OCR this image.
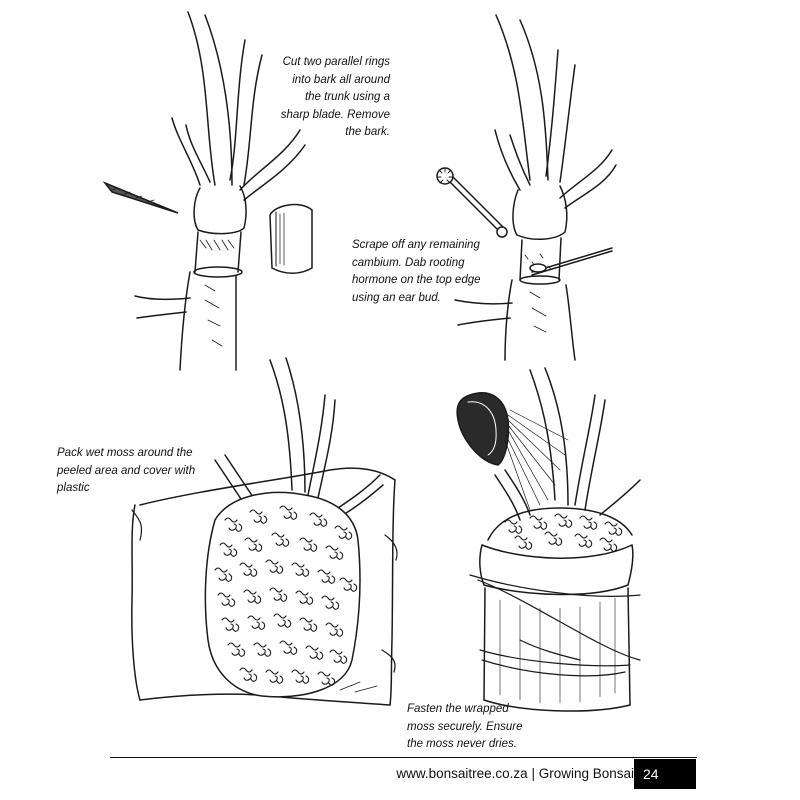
Cut two parallel rings
into bark all around
the trunk using a
sharp blade. Remove
the bark.
Scrape off any remaining
cambium. Dab rooting
hormone on the top edge
using an ear bud.
Pack wet moss around the
peeled area and cover with
plastic
Fasten the wrapped
moss securely. Ensure
the moss never dries.
www.bonsaitree.co.za | Growing Bonsai 24
